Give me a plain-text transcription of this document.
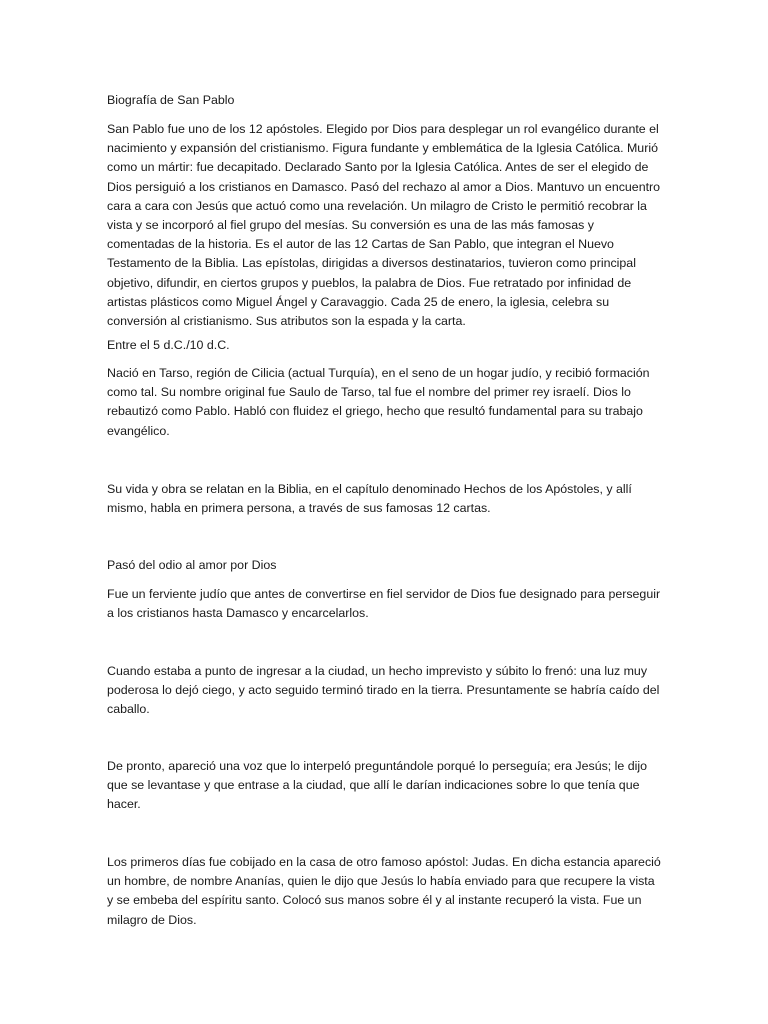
Biografía de San Pablo

San Pablo fue uno de los 12 apóstoles. Elegido por Dios para desplegar un rol evangélico durante el nacimiento y expansión del cristianismo. Figura fundante y emblemática de la Iglesia Católica. Murió como un mártir: fue decapitado. Declarado Santo por la Iglesia Católica. Antes de ser el elegido de Dios persiguió a los cristianos en Damasco. Pasó del rechazo al amor a Dios. Mantuvo un encuentro cara a cara con Jesús que actuó como una revelación. Un milagro de Cristo le permitió recobrar la vista y se incorporó al fiel grupo del mesías. Su conversión es una de las más famosas y comentadas de la historia. Es el autor de las 12 Cartas de San Pablo, que integran el Nuevo Testamento de la Biblia. Las epístolas, dirigidas a diversos destinatarios, tuvieron como principal objetivo, difundir, en ciertos grupos y pueblos, la palabra de Dios. Fue retratado por infinidad de artistas plásticos como Miguel Ángel y Caravaggio. Cada 25 de enero, la iglesia, celebra su conversión al cristianismo. Sus atributos son la espada y la carta.

Entre el 5 d.C./10 d.C.

Nació en Tarso, región de Cilicia (actual Turquía), en el seno de un hogar judío, y recibió formación como tal. Su nombre original fue Saulo de Tarso, tal fue el nombre del primer rey israelí. Dios lo rebautizó como Pablo. Habló con fluidez el griego, hecho que resultó fundamental para su trabajo evangélico.

Su vida y obra se relatan en la Biblia, en el capítulo denominado Hechos de los Apóstoles, y allí mismo, habla en primera persona, a través de sus famosas 12 cartas.

Pasó del odio al amor por Dios

Fue un ferviente judío que antes de convertirse en fiel servidor de Dios fue designado para perseguir a los cristianos hasta Damasco y encarcelarlos.

Cuando estaba a punto de ingresar a la ciudad, un hecho imprevisto y súbito lo frenó: una luz muy poderosa lo dejó ciego, y acto seguido terminó tirado en la tierra. Presuntamente se habría caído del caballo.

De pronto, apareció una voz que lo interpeló preguntándole porqué lo perseguía; era Jesús; le dijo que se levantase y que entrase a la ciudad, que allí le darían indicaciones sobre lo que tenía que hacer.

Los primeros días fue cobijado en la casa de otro famoso apóstol: Judas. En dicha estancia apareció un hombre, de nombre Ananías, quien le dijo que Jesús lo había enviado para que recupere la vista y se embeba del espíritu santo. Colocó sus manos sobre él y al instante recuperó la vista. Fue un milagro de Dios.
